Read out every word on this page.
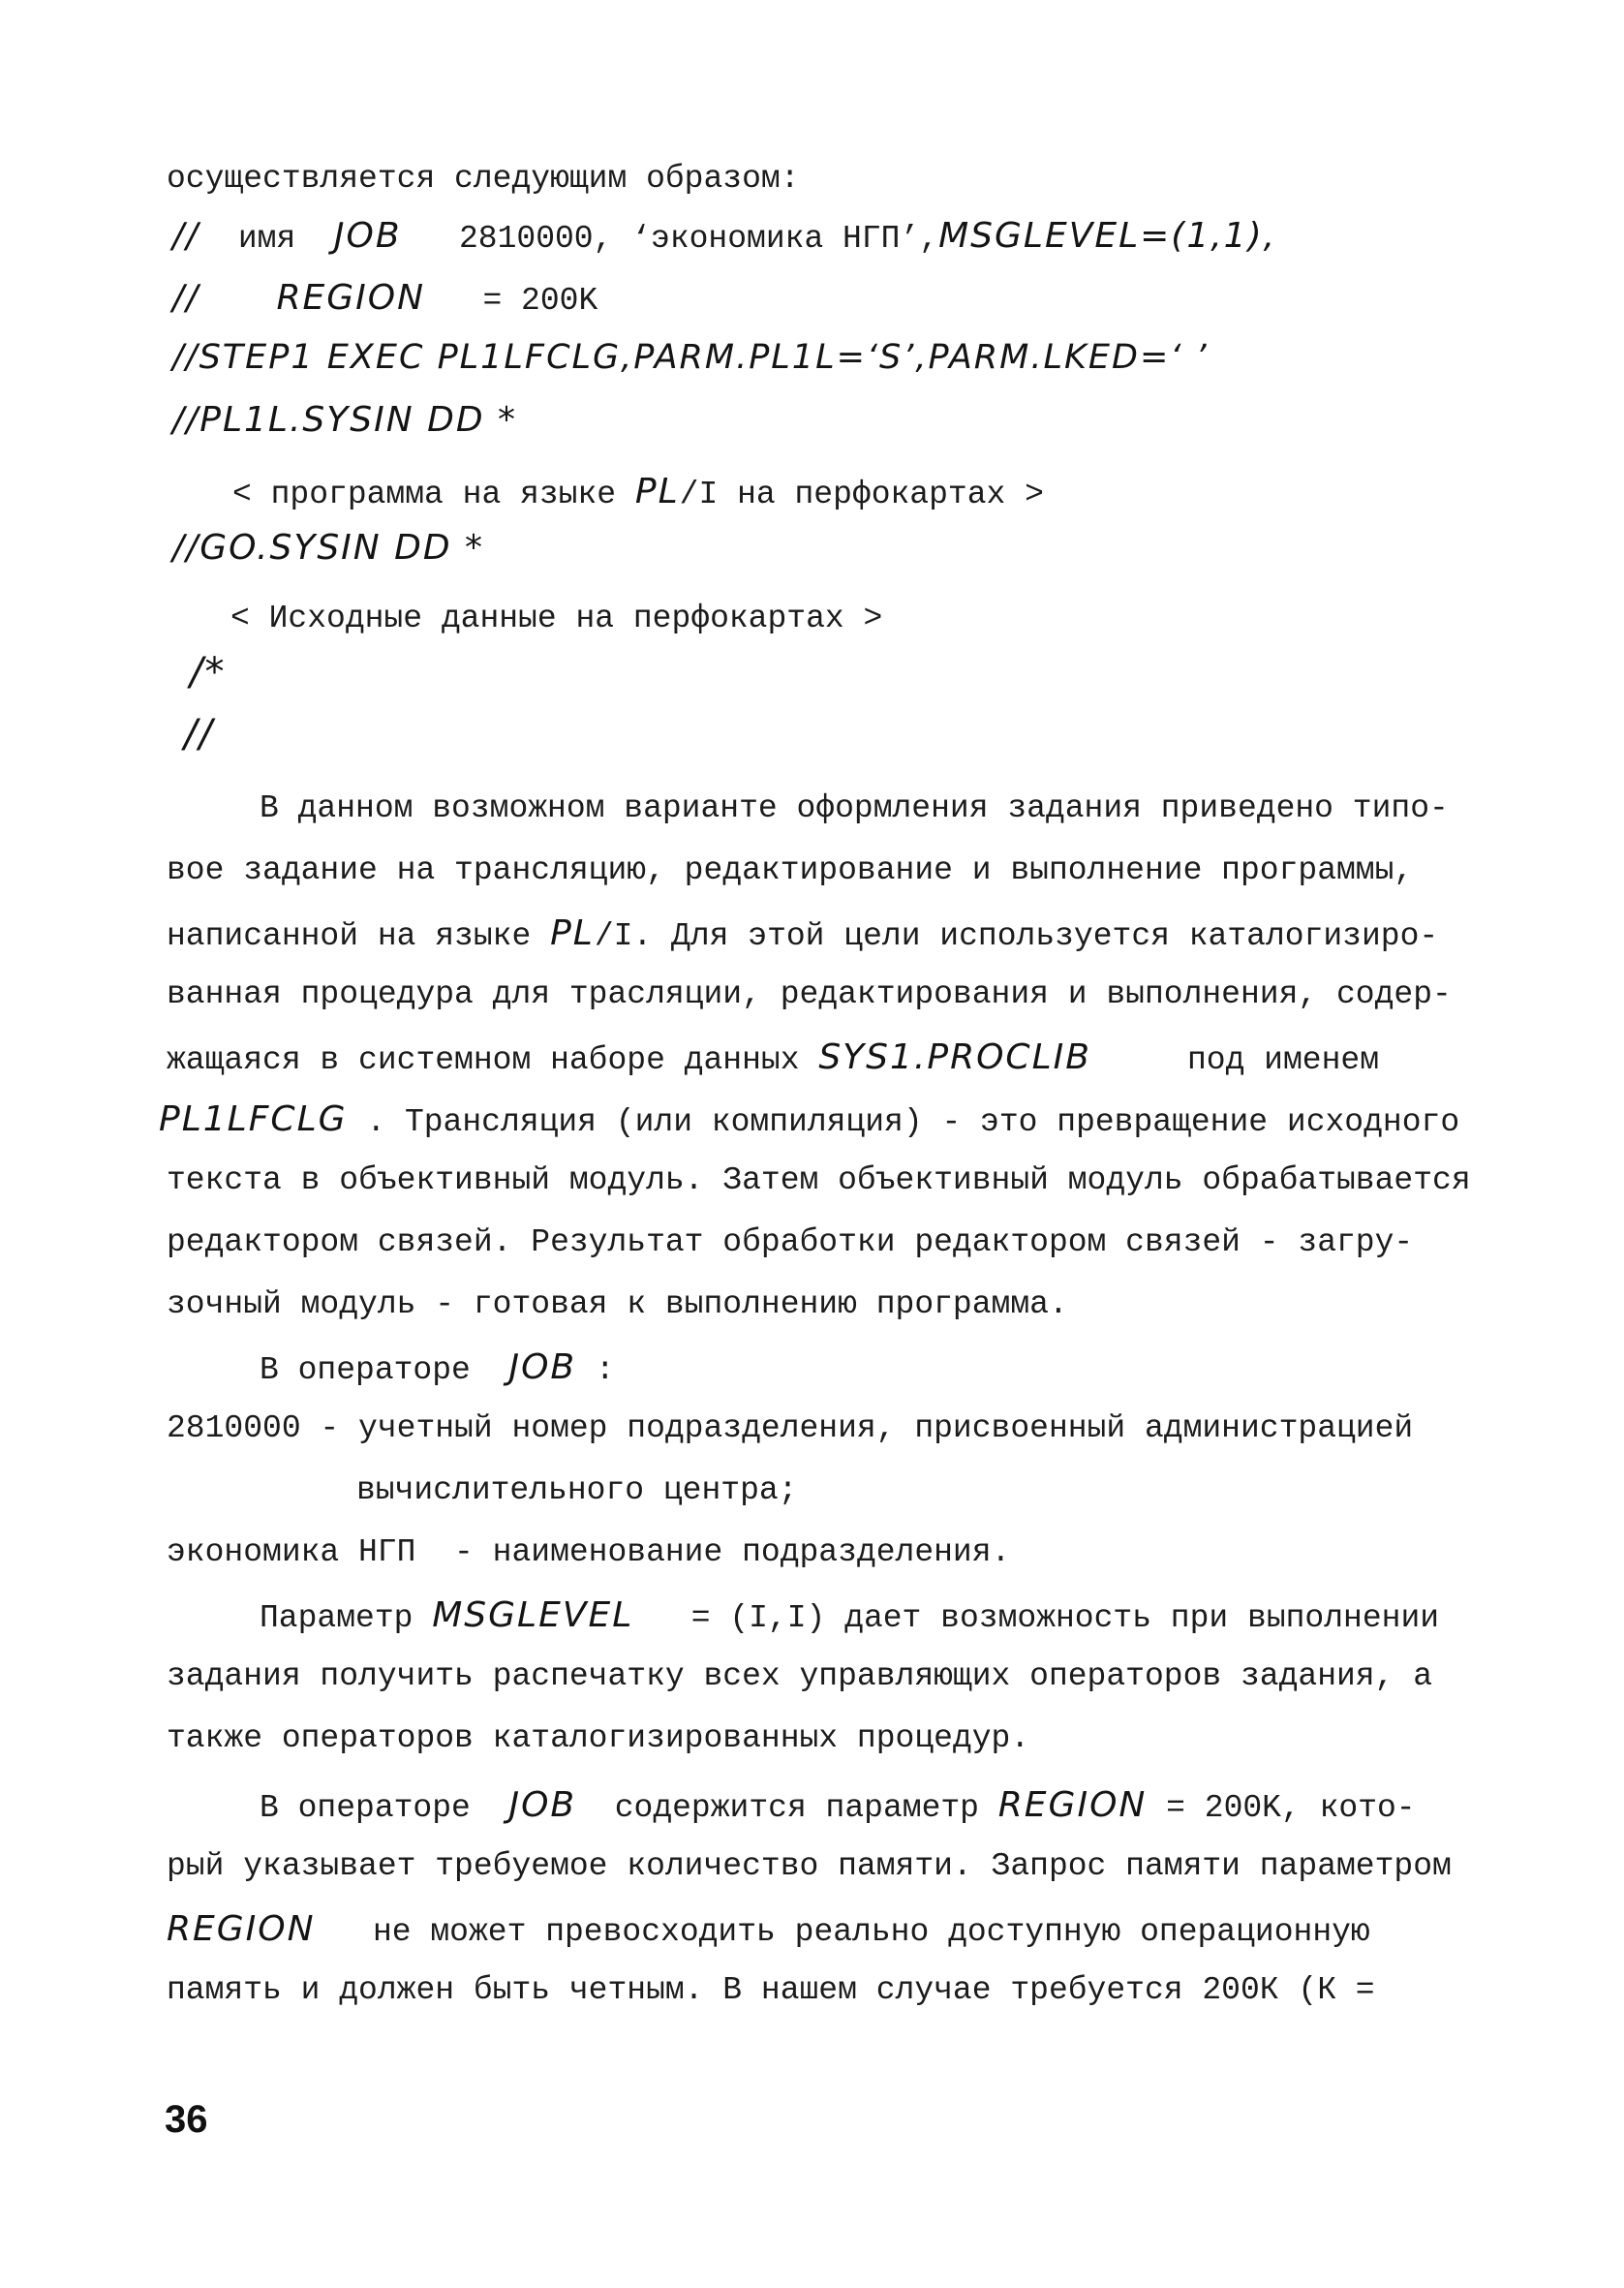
осуществляется следующим образом:
// имя JOB 2810000, ‘экономика НГП’,MSGLEVEL=(1,1),
// REGION = 200K
//STEP1 EXEC PL1LFCLG,PARM.PL1L=‘S’,PARM.LKED=‘ ’
//PL1L.SYSIN DD *
< программа на языке PL/I на перфокартах >
//GO.SYSIN DD *
< Исходные данные на перфокартах >
/*
//
В данном возможном варианте оформления задания приведено типо-
вое задание на трансляцию, редактирование и выполнение программы,
написанной на языке PL/I. Для этой цели используется каталогизиро-
ванная процедура для трасляции, редактирования и выполнения, содер-
жащаяся в системном наборе данных SYS1.PROCLIB	под именем
PL1LFCLG . Трансляция (или компиляция) - это превращение исходного
текста в объективный модуль. Затем объективный модуль обрабатывается
редактором связей. Результат обработки редактором связей - загру-
зочный модуль - готовая к выполнению программа.
В операторе JOB :
2810000 - учетный номер подразделения, присвоенный администрацией
вычислительного центра;
экономика НГП  - наименование подразделения.
Параметр MSGLEVEL = (I,I) дает возможность при выполнении
задания получить распечатку всех управляющих операторов задания, а
также операторов каталогизированных процедур.
В операторе JOB содержится параметр REGION = 200K, кото-
рый указывает требуемое количество памяти. Запрос памяти параметром
REGION не может превосходить реально доступную операционную
память и должен быть четным. В нашем случае требуется 200К (К =
36
